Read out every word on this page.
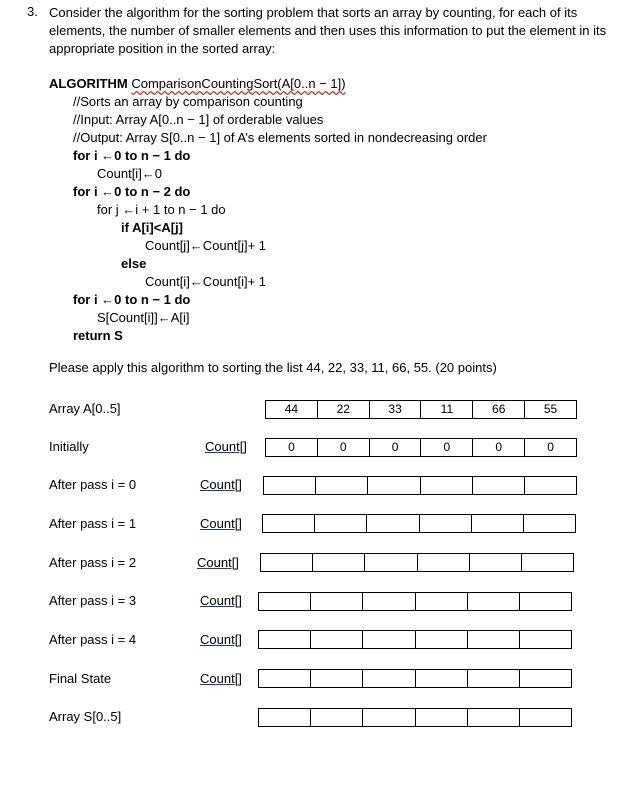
3. Consider the algorithm for the sorting problem that sorts an array by counting, for each of its elements, the number of smaller elements and then uses this information to put the element in its appropriate position in the sorted array:
ALGORITHM ComparisonCountingSort(A[0..n − 1])
//Sorts an array by comparison counting
//Input: Array A[0..n − 1] of orderable values
//Output: Array S[0..n − 1] of A’s elements sorted in nondecreasing order
for i ←0 to n − 1 do
Count[i]←0
for i ←0 to n − 2 do
for j ←i + 1 to n − 1 do
if A[i]<A[j]
Count[j]←Count[j]+ 1
else
Count[i]←Count[i]+ 1
for i ←0 to n − 1 do
S[Count[i]]←A[i]
return S
Please apply this algorithm to sorting the list 44, 22, 33, 11, 66, 55. (20 points)
Array A[0..5]	44	22	33	11	66	55
Initially	Count[]	0	0	0	0	0	0
After pass i = 0	Count[]
After pass i = 1	Count[]
After pass i = 2	Count[]
After pass i = 3	Count[]
After pass i = 4	Count[]
Final State	Count[]
Array S[0..5]
